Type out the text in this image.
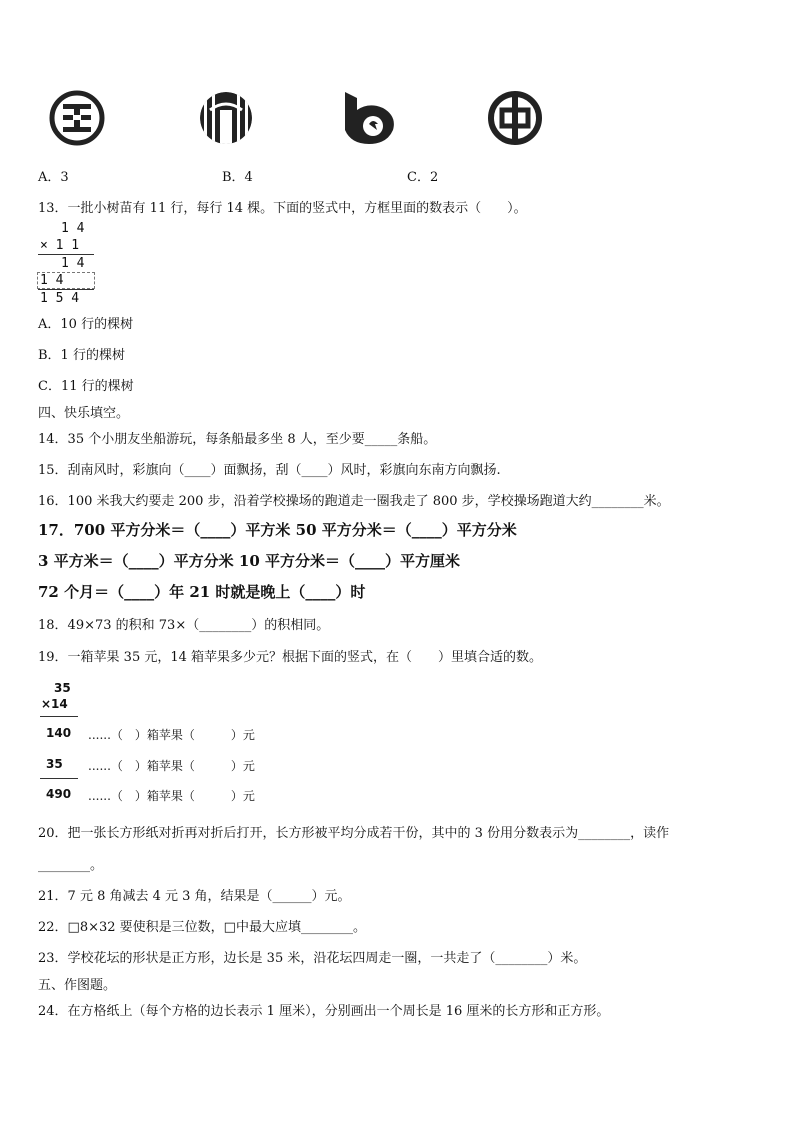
A．3	B．4	C．2
13．一批小树苗有 11 行，每行 14 棵。下面的竖式中，方框里面的数表示（　　）。
1 4
× 1 1
1 4
1 4
1 5 4
A．10 行的棵树
B．1 行的棵树
C．11 行的棵树
四、快乐填空。
14．35 个小朋友坐船游玩，每条船最多坐 8 人，至少要_____条船。
15．刮南风时，彩旗向（____）面飘扬，刮（____）风时，彩旗向东南方向飘扬.
16．100 米我大约要走 200 步，沿着学校操场的跑道走一圈我走了 800 步，学校操场跑道大约________米。
17．700 平方分米＝（____）平方米 50 平方分米＝（____）平方分米
3 平方米＝（____）平方分米 10 平方分米＝（____）平方厘米
72 个月＝（____）年 21 时就是晚上（____）时
18．49×73 的积和 73×（________）的积相同。
19．一箱苹果 35 元，14 箱苹果多少元？根据下面的竖式，在（　　）里填合适的数。
35
×14
140
35
490
......（　）箱苹果（　　　）元
......（　）箱苹果（　　　）元
......（　）箱苹果（　　　）元
20．把一张长方形纸对折再对折后打开，长方形被平均分成若干份，其中的 3 份用分数表示为________，读作
________。
21．7 元 8 角减去 4 元 3 角，结果是（______）元。
22．□8×32 要使积是三位数，□中最大应填________。
23．学校花坛的形状是正方形，边长是 35 米，沿花坛四周走一圈，一共走了（________）米。
五、作图题。
24．在方格纸上（每个方格的边长表示 1 厘米），分别画出一个周长是 16 厘米的长方形和正方形。
